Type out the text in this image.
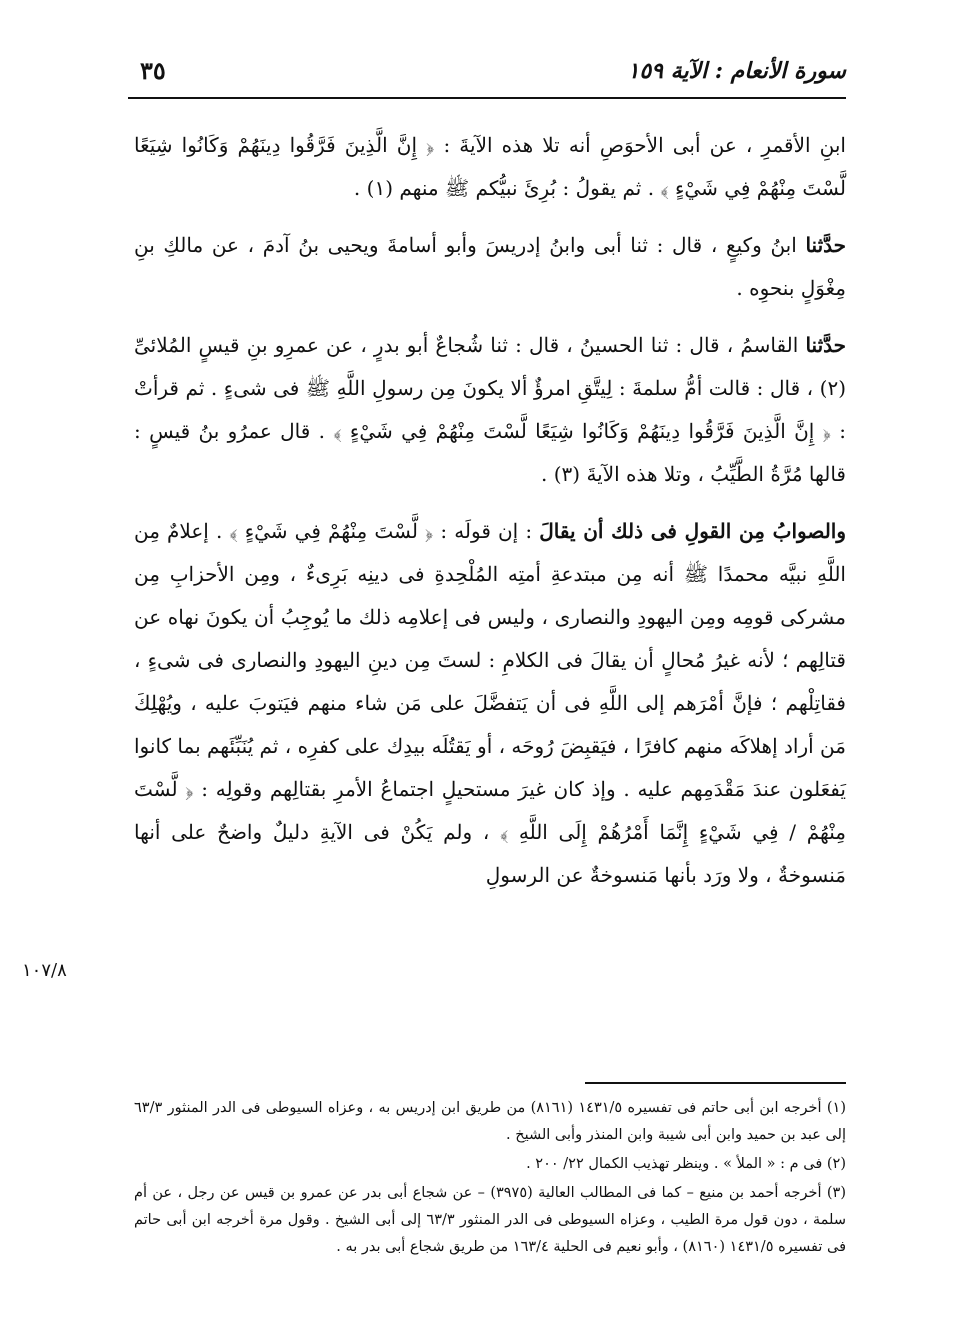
سورة الأنعام : الآية ١٥٩
٣٥

ابنِ الأقمرِ ، عن أبى الأحوَصِ أنه تلا هذه الآيةَ : ﴿ إِنَّ الَّذِينَ فَرَّقُوا دِينَهُمْ وَكَانُوا شِيَعًا لَّسْتَ مِنْهُمْ فِي شَيْءٍ ﴾ . ثم يقولُ : بُرِئَ نبيُّكم ﷺ منهم (١) .

حدَّثنا ابنُ وكيعٍ ، قال : ثنا أبى وابنُ إدريسَ وأبو أسامةَ ويحيى بنُ آدمَ ، عن مالكِ بنِ مِغْوَلٍ بنحوِه .

حدَّثنا القاسمُ ، قال : ثنا الحسينُ ، قال : ثنا شُجاعٌ أبو بدرٍ ، عن عمرِو بنِ قيسٍ المُلائىِّ (٢) ، قال : قالت أمُّ سلمةَ : لِيتَّقِ امرؤٌ ألا يكونَ مِن رسولِ اللَّهِ ﷺ فى شىءٍ . ثم قرأتْ : ﴿ إِنَّ الَّذِينَ فَرَّقُوا دِينَهُمْ وَكَانُوا شِيَعًا لَّسْتَ مِنْهُمْ فِي شَيْءٍ ﴾ . قال عمرُو بنُ قيسٍ : قالها مُرَّةُ الطَّيِّبُ ، وتلا هذه الآيةَ (٣) .

والصوابُ مِن القولِ فى ذلك أن يقالَ : إن قولَه : ﴿ لَّسْتَ مِنْهُمْ فِي شَيْءٍ ﴾ . إعلامٌ مِن اللَّهِ نبيَّه محمدًا ﷺ أنه مِن مبتدعةِ أمتِه المُلْحِدةِ فى دينِه بَرِىءٌ ، ومِن الأحزابِ مِن مشركى قومِه ومِن اليهودِ والنصارى ، وليس فى إعلامِه ذلك ما يُوجِبُ أن يكونَ نهاه عن قتالِهم ؛ لأنه غيرُ مُحالٍ أن يقالَ فى الكلامِ : لستَ مِن دينِ اليهودِ والنصارى فى شىءٍ ، فقاتِلْهم ؛ فإنَّ أمْرَهم إلى اللَّهِ فى أن يَتفضَّلَ على مَن شاء منهم فيَتوبَ عليه ، ويُهْلِكَ مَن أراد إهلاكَه منهم كافرًا ، فيَقبِضَ رُوحَه ، أو يَقتُلَه بيدِك على كفرِه ، ثم يُنَبِّئَهم بما كانوا يَفعَلون عندَ مَقْدَمِهم عليه . وإذ كان غيرَ مستحيلٍ اجتماعُ الأمرِ بقتالِهم وقولِه : ﴿ لَّسْتَ مِنْهُمْ / فِي شَيْءٍ إِنَّمَا أَمْرُهُمْ إِلَى اللَّهِ ﴾ ، ولم يَكُنْ فى الآيةِ دليلٌ واضحٌ على أنها مَنسوخةٌ ، ولا ورَد بأنها مَنسوخةٌ عن الرسولِ

١٠٧/٨

(١) أخرجه ابن أبى حاتم فى تفسيره ١٤٣١/٥ (٨١٦١) من طريق ابن إدريس به ، وعزاه السيوطى فى الدر المنثور ٦٣/٣ إلى عبد بن حميد وابن أبى شيبة وابن المنذر وأبى الشيخ .

(٢) فى م : « الملأ » . وينظر تهذيب الكمال ٢٢/ ٢٠٠ .

(٣) أخرجه أحمد بن منيع – كما فى المطالب العالية (٣٩٧٥) – عن شجاع أبى بدر عن عمرو بن قيس عن رجل ، عن أم سلمة ، دون قول مرة الطيب ، وعزاه السيوطى فى الدر المنثور ٦٣/٣ إلى أبى الشيخ . وقول مرة أخرجه ابن أبى حاتم فى تفسيره ١٤٣١/٥ (٨١٦٠) ، وأبو نعيم فى الحلية ١٦٣/٤ من طريق شجاع أبى بدر به .
